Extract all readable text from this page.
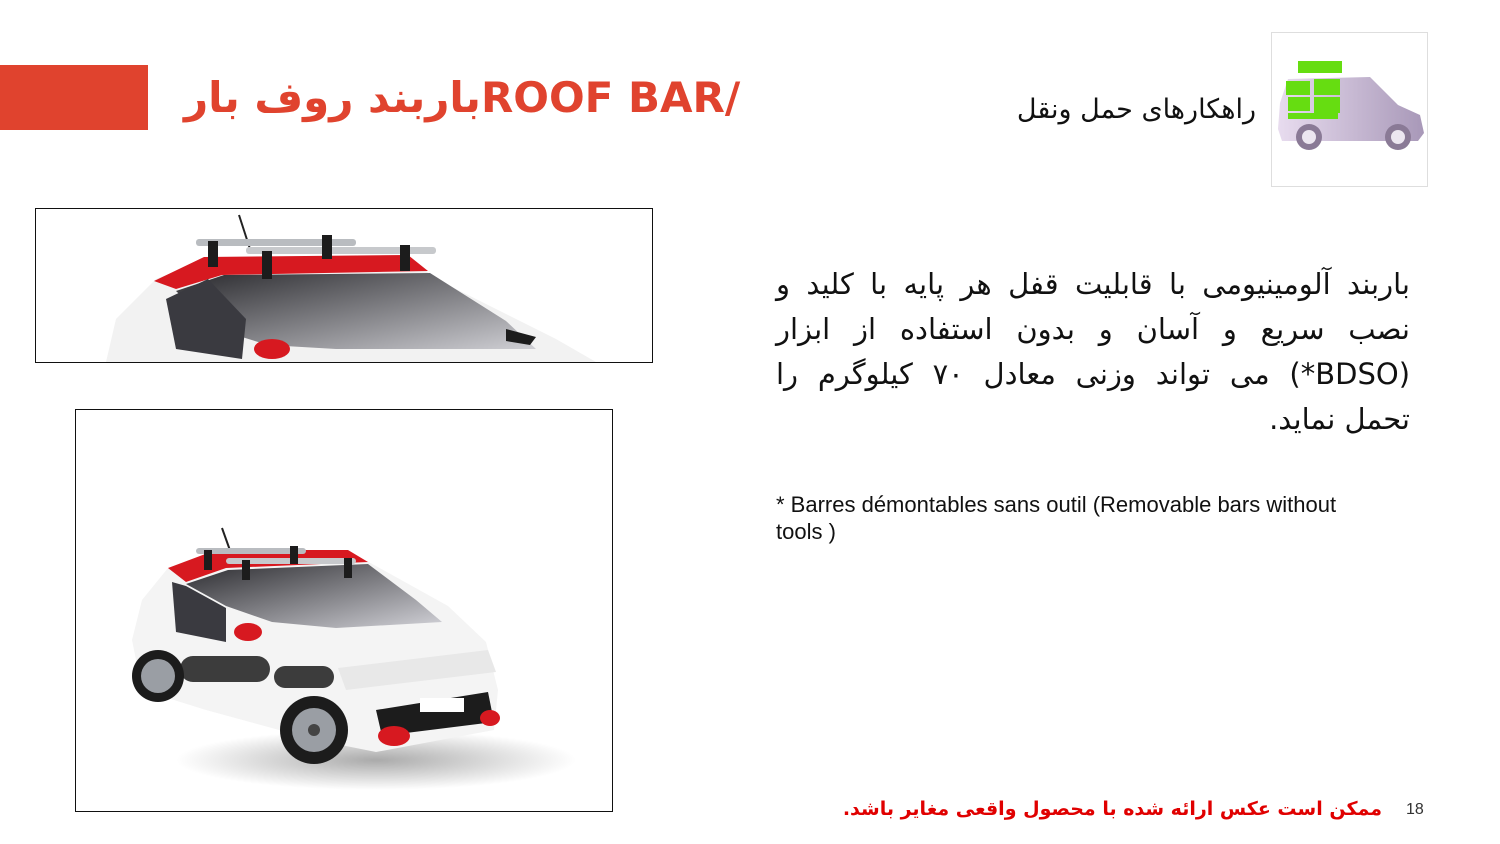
باربند روف بارROOF BAR/	راهکارهای حمل ونقل

باربند آلومینیومی با قابلیت قفل هر پایه با کلید و نصب سریع و آسان و بدون استفاده از ابزار (BDSO*) می تواند وزنی معادل ۷۰ کیلوگرم را تحمل نماید.

* Barres démontables sans outil (Removable bars without tools )

ممکن است عکس ارائه شده با محصول واقعی مغایر باشد. 18
